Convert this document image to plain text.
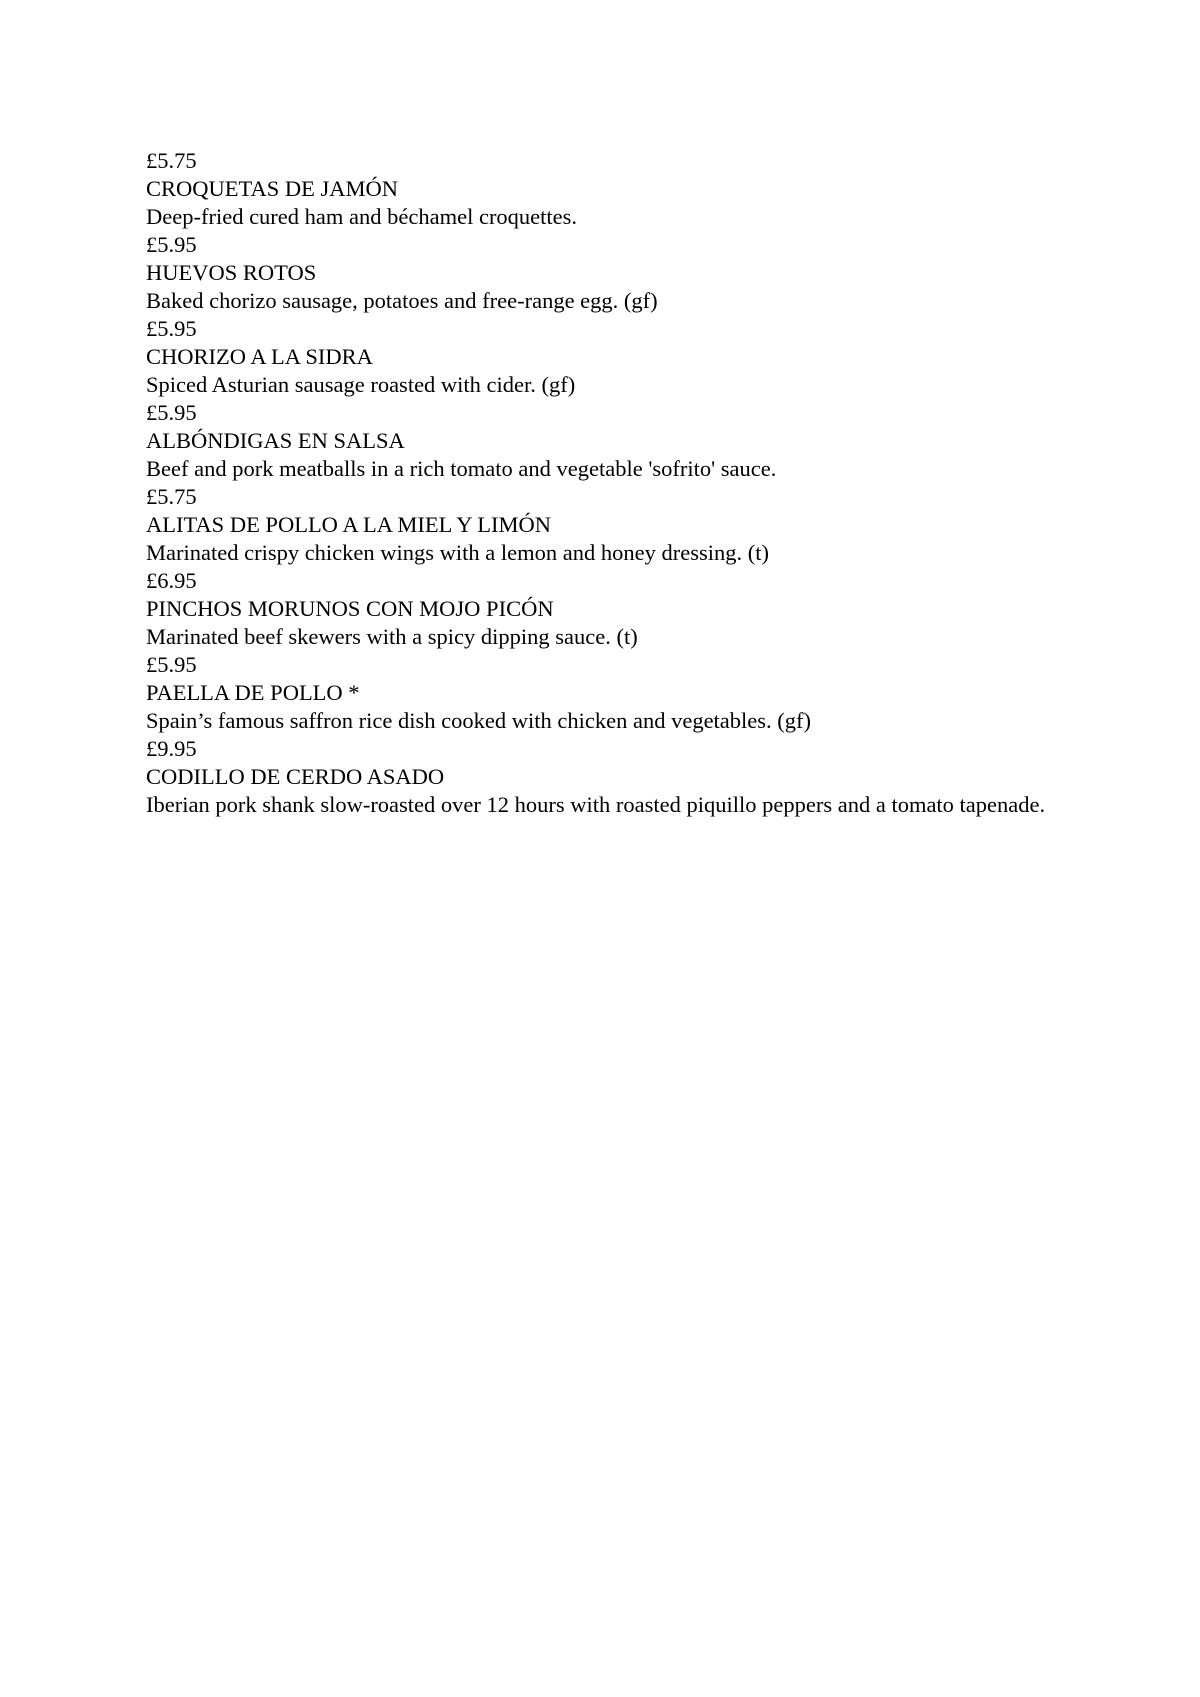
£5.75

CROQUETAS DE JAMÓN

Deep-fried cured ham and béchamel croquettes.

£5.95

HUEVOS ROTOS

Baked chorizo sausage, potatoes and free-range egg. (gf)

£5.95

CHORIZO A LA SIDRA

Spiced Asturian sausage roasted with cider. (gf)

£5.95

ALBÓNDIGAS EN SALSA

Beef and pork meatballs in a rich tomato and vegetable 'sofrito' sauce.

£5.75

ALITAS DE POLLO A LA MIEL Y LIMÓN

Marinated crispy chicken wings with a lemon and honey dressing. (t)

£6.95

PINCHOS MORUNOS CON MOJO PICÓN

Marinated beef skewers with a spicy dipping sauce. (t)

£5.95

PAELLA DE POLLO *

Spain’s famous saffron rice dish cooked with chicken and vegetables. (gf)

£9.95

CODILLO DE CERDO ASADO

Iberian pork shank slow-roasted over 12 hours with roasted piquillo peppers and a tomato tapenade.
